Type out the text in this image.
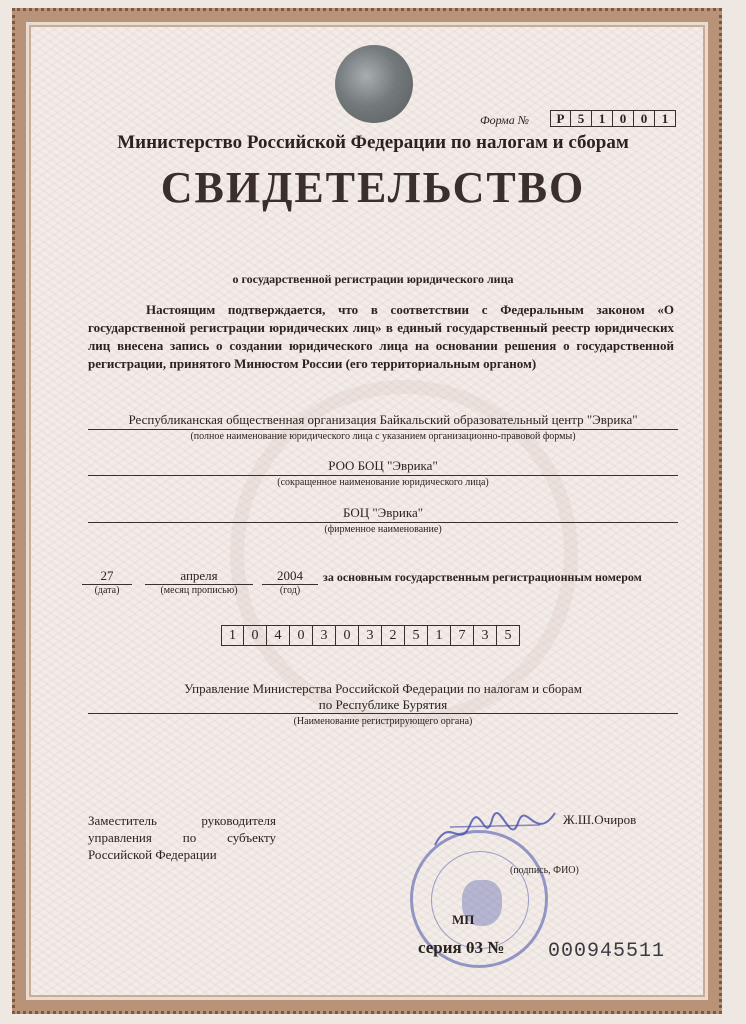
Форма №	Р	5	1	0	0	1
Министерство Российской Федерации по налогам и сборам
СВИДЕТЕЛЬСТВО
о государственной регистрации юридического лица
Настоящим подтверждается, что в соответствии с Федеральным законом «О государственной регистрации юридических лиц» в единый государственный реестр юридических лиц внесена запись о создании юридического лица на основании решения о государственной регистрации, принятого Минюстом России (его территориальным органом)
Республиканская общественная организация Байкальский образовательный центр "Эврика"
(полное наименование юридического лица с указанием организационно-правовой формы)
РОО БОЦ "Эврика"
(сокращенное наименование юридического лица)
БОЦ "Эврика"
(фирменное наименование)
27
(дата)
апреля
(месяц прописью)
2004
(год)
за основным государственным регистрационным номером
1	0	4	0	3	0	3	2	5	1	7	3	5
Управление Министерства Российской Федерации по налогам и сборам
по Республике Бурятия
(Наименование регистрирующего органа)
Заместитель руководителя управления по субъекту Российской Федерации
Ж.Ш.Очиров
(подпись, ФИО)
МП
серия 03 № 000945511
